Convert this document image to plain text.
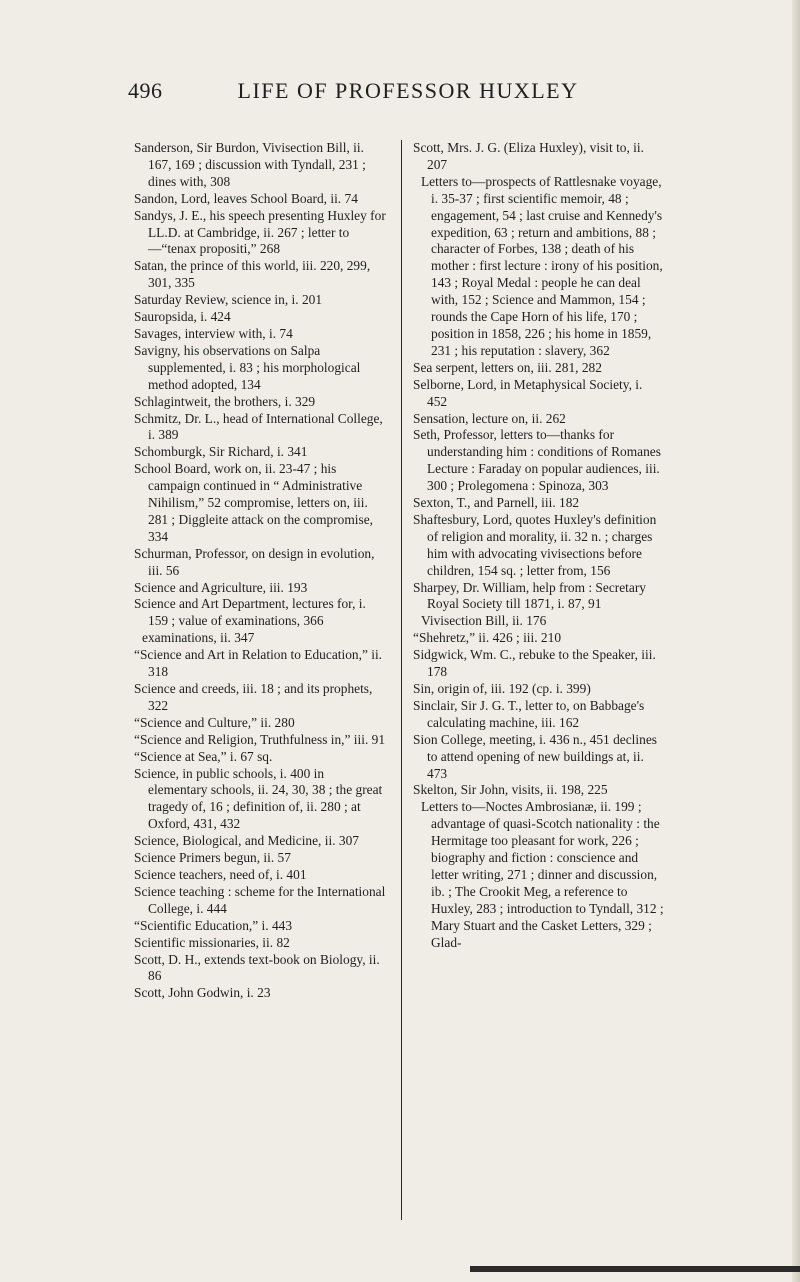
496	LIFE OF PROFESSOR HUXLEY

Sanderson, Sir Burdon, Vivisection Bill, ii. 167, 169 ; discussion with Tyndall, 231 ; dines with, 308

Sandon, Lord, leaves School Board, ii. 74

Sandys, J. E., his speech presenting Huxley for LL.D. at Cambridge, ii. 267 ; letter to—“tenax propositi,” 268

Satan, the prince of this world, iii. 220, 299, 301, 335

Saturday Review, science in, i. 201

Sauropsida, i. 424

Savages, interview with, i. 74

Savigny, his observations on Salpa supplemented, i. 83 ; his morphological method adopted, 134

Schlagintweit, the brothers, i. 329

Schmitz, Dr. L., head of International College, i. 389

Schomburgk, Sir Richard, i. 341

School Board, work on, ii. 23-47 ; his campaign continued in “ Administrative Nihilism,” 52 compromise, letters on, iii. 281 ; Diggleite attack on the compromise, 334

Schurman, Professor, on design in evolution, iii. 56

Science and Agriculture, iii. 193

Science and Art Department, lectures for, i. 159 ; value of examinations, 366

examinations, ii. 347

“Science and Art in Relation to Education,” ii. 318

Science and creeds, iii. 18 ; and its prophets, 322

“Science and Culture,” ii. 280

“Science and Religion, Truthfulness in,” iii. 91

“Science at Sea,” i. 67 sq.

Science, in public schools, i. 400 in elementary schools, ii. 24, 30, 38 ; the great tragedy of, 16 ; definition of, ii. 280 ; at Oxford, 431, 432

Science, Biological, and Medicine, ii. 307

Science Primers begun, ii. 57

Science teachers, need of, i. 401

Science teaching : scheme for the International College, i. 444

“Scientific Education,” i. 443

Scientific missionaries, ii. 82

Scott, D. H., extends text-book on Biology, ii. 86

Scott, John Godwin, i. 23

Scott, Mrs. J. G. (Eliza Huxley), visit to, ii. 207

Letters to—prospects of Rattlesnake voyage, i. 35-37 ; first scientific memoir, 48 ; engagement, 54 ; last cruise and Kennedy's expedition, 63 ; return and ambitions, 88 ; character of Forbes, 138 ; death of his mother : first lecture : irony of his position, 143 ; Royal Medal : people he can deal with, 152 ; Science and Mammon, 154 ; rounds the Cape Horn of his life, 170 ; position in 1858, 226 ; his home in 1859, 231 ; his reputation : slavery, 362

Sea serpent, letters on, iii. 281, 282

Selborne, Lord, in Metaphysical Society, i. 452

Sensation, lecture on, ii. 262

Seth, Professor, letters to—thanks for understanding him : conditions of Romanes Lecture : Faraday on popular audiences, iii. 300 ; Prolegomena : Spinoza, 303

Sexton, T., and Parnell, iii. 182

Shaftesbury, Lord, quotes Huxley's definition of religion and morality, ii. 32 n. ; charges him with advocating vivisections before children, 154 sq. ; letter from, 156

Sharpey, Dr. William, help from : Secretary Royal Society till 1871, i. 87, 91

Vivisection Bill, ii. 176

“Shehretz,” ii. 426 ; iii. 210

Sidgwick, Wm. C., rebuke to the Speaker, iii. 178

Sin, origin of, iii. 192 (cp. i. 399)

Sinclair, Sir J. G. T., letter to, on Babbage's calculating machine, iii. 162

Sion College, meeting, i. 436 n., 451 declines to attend opening of new buildings at, ii. 473

Skelton, Sir John, visits, ii. 198, 225

Letters to—Noctes Ambrosianæ, ii. 199 ; advantage of quasi-Scotch nationality : the Hermitage too pleasant for work, 226 ; biography and fiction : conscience and letter writing, 271 ; dinner and discussion, ib. ; The Crookit Meg, a reference to Huxley, 283 ; introduction to Tyndall, 312 ; Mary Stuart and the Casket Letters, 329 ; Glad-
